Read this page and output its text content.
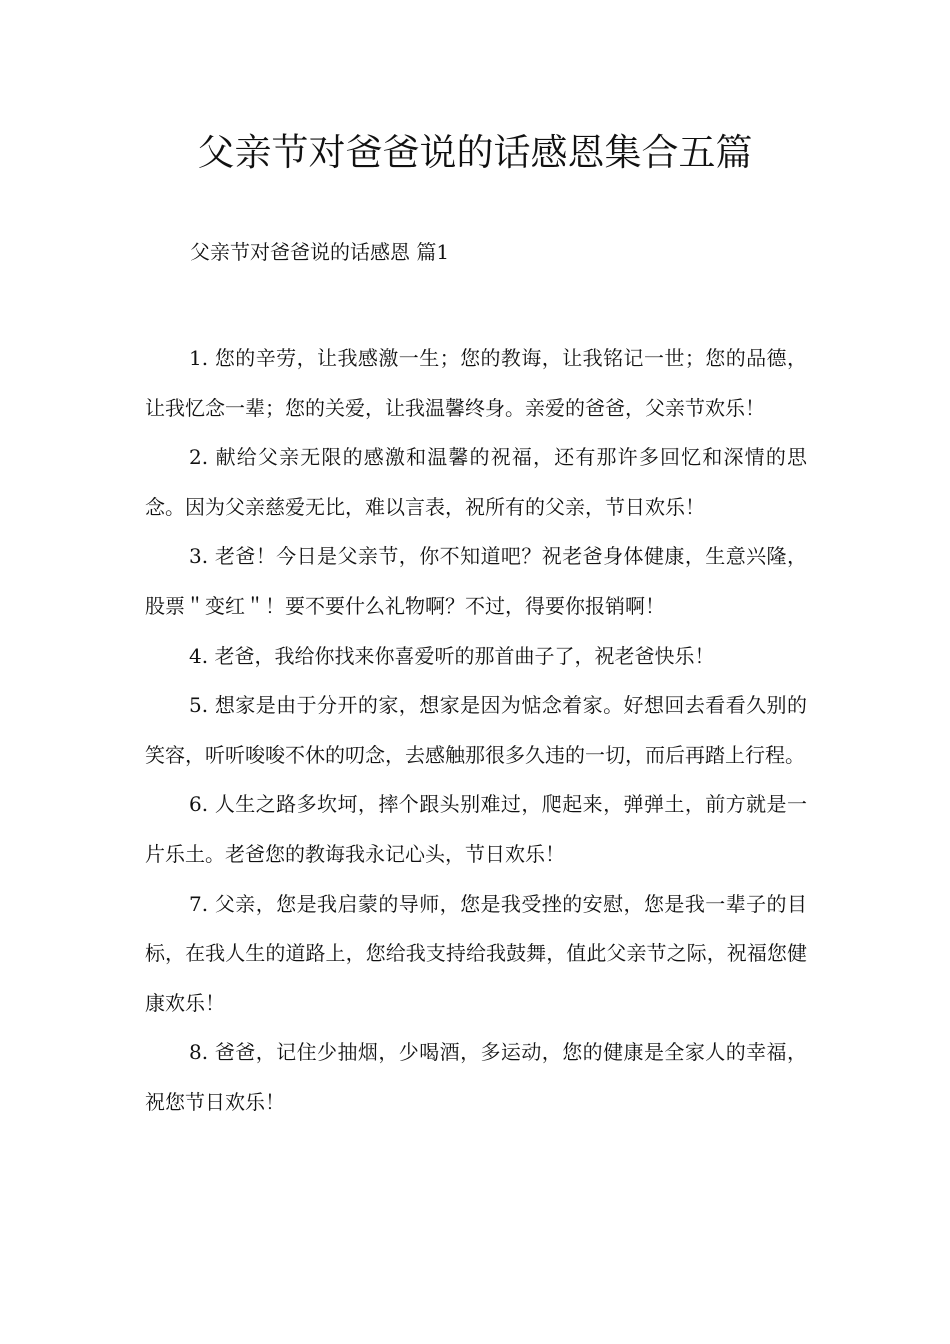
父亲节对爸爸说的话感恩集合五篇
父亲节对爸爸说的话感恩 篇1

1. 您的辛劳，让我感激一生；您的教诲，让我铭记一世；您的品德，让我忆念一辈；您的关爱，让我温馨终身。亲爱的爸爸，父亲节欢乐！

2. 献给父亲无限的感激和温馨的祝福，还有那许多回忆和深情的思念。因为父亲慈爱无比，难以言表，祝所有的父亲，节日欢乐！

3. 老爸！今日是父亲节，你不知道吧？祝老爸身体健康，生意兴隆，股票＂变红＂！要不要什么礼物啊？不过，得要你报销啊！

4. 老爸，我给你找来你喜爱听的那首曲子了，祝老爸快乐！

5. 想家是由于分开的家，想家是因为惦念着家。好想回去看看久别的笑容，听听唆唆不休的叨念，去感触那很多久违的一切，而后再踏上行程。

6. 人生之路多坎坷，摔个跟头别难过，爬起来，弹弹土，前方就是一片乐土。老爸您的教诲我永记心头，节日欢乐！

7. 父亲，您是我启蒙的导师，您是我受挫的安慰，您是我一辈子的目标，在我人生的道路上，您给我支持给我鼓舞，值此父亲节之际，祝福您健康欢乐！

8. 爸爸，记住少抽烟，少喝酒，多运动，您的健康是全家人的幸福，祝您节日欢乐！
